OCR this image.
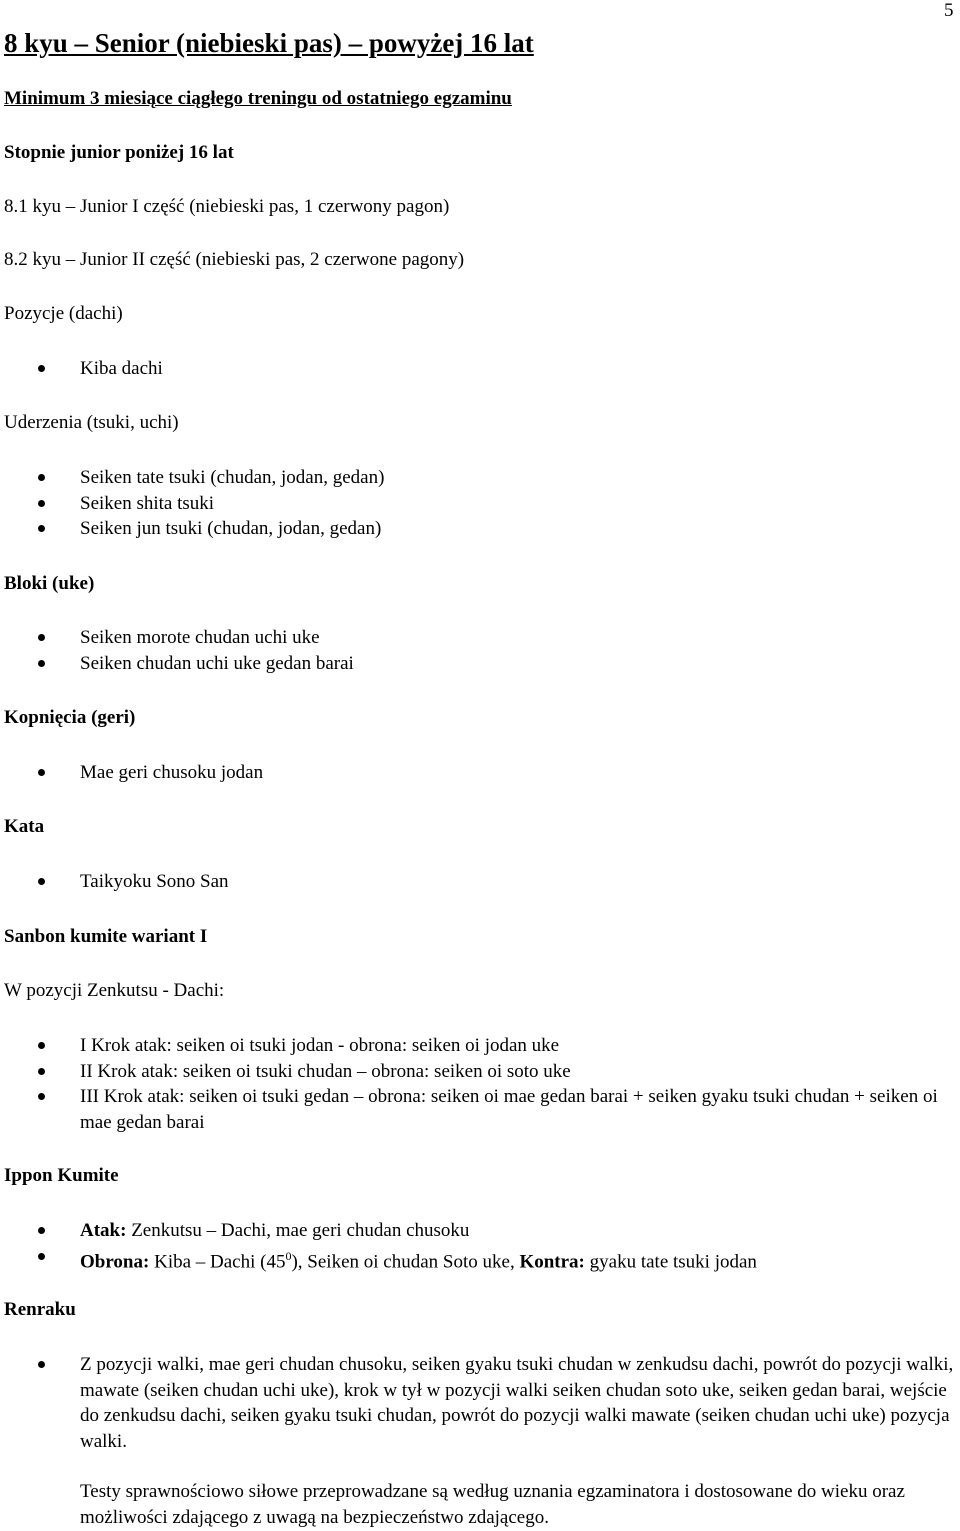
5
8 kyu – Senior (niebieski pas) – powyżej 16 lat
Minimum 3 miesiące ciągłego treningu od ostatniego egzaminu
Stopnie junior poniżej 16 lat
8.1 kyu – Junior I część (niebieski pas, 1 czerwony pagon)
8.2 kyu – Junior II część (niebieski pas, 2 czerwone pagony)
Pozycje (dachi)
Kiba dachi
Uderzenia (tsuki, uchi)
Seiken tate tsuki (chudan, jodan, gedan)
Seiken shita tsuki
Seiken jun tsuki (chudan, jodan, gedan)
Bloki (uke)
Seiken morote chudan uchi uke
Seiken chudan uchi uke gedan barai
Kopnięcia (geri)
Mae geri chusoku jodan
Kata
Taikyoku Sono San
Sanbon kumite wariant I
W pozycji Zenkutsu - Dachi:
I Krok atak: seiken oi tsuki jodan - obrona: seiken oi jodan uke
II Krok atak: seiken oi tsuki chudan – obrona: seiken oi soto uke
III Krok atak: seiken oi tsuki gedan – obrona: seiken oi mae gedan barai + seiken gyaku tsuki chudan + seiken oi mae gedan barai
Ippon Kumite
Atak: Zenkutsu – Dachi, mae geri chudan chusoku
Obrona: Kiba – Dachi $(45^0)$, Seiken oi chudan Soto uke, Kontra: gyaku tate tsuki jodan
Renraku
Z pozycji walki, mae geri chudan chusoku, seiken gyaku tsuki chudan w zenkudsu dachi, powrót do pozycji walki, mawate (seiken chudan uchi uke), krok w tył w pozycji walki seiken chudan soto uke, seiken gedan barai, wejście do zenkudsu dachi, seiken gyaku tsuki chudan, powrót do pozycji walki mawate (seiken chudan uchi uke) pozycja walki.
Testy sprawnościowo siłowe przeprowadzane są według uznania egzaminatora i dostosowane do wieku oraz możliwości zdającego z uwagą na bezpieczeństwo zdającego.
